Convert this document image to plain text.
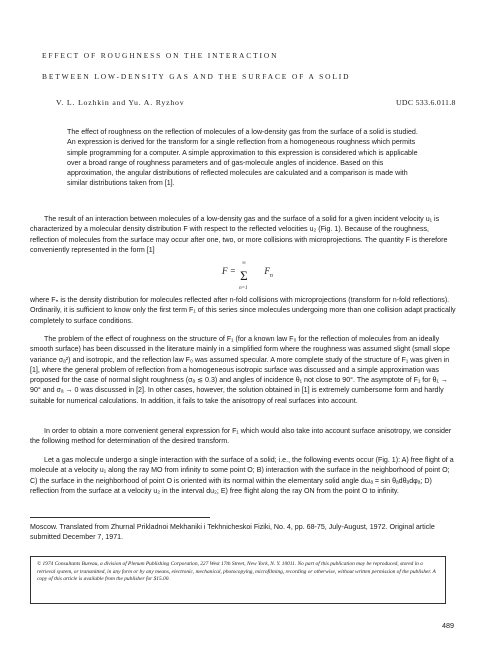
EFFECT OF ROUGHNESS ON THE INTERACTION
BETWEEN LOW-DENSITY GAS AND THE SURFACE OF A SOLID
V. L. Lozhkin and Yu. A. Ryzhov	UDC 533.6.011.8
The effect of roughness on the reflection of molecules of a low-density gas from the surface of a solid is studied. An expression is derived for the transform for a single reflection from a homogeneous roughness which permits simple programming for a computer. A simple approximation to this expression is considered which is applicable over a broad range of roughness parameters and of gas-molecule angles of incidence. Based on this approximation, the angular distributions of reflected molecules are calculated and a comparison is made with similar distributions taken from [1].
The result of an interaction between molecules of a low-density gas and the surface of a solid for a given incident velocity u₁ is characterized by a molecular density distribution F with respect to the reflected velocities u₂ (Fig. 1). Because of the roughness, reflection of molecules from the surface may occur after one, two, or more collisions with microprojections. The quantity F is therefore conveniently represented in the form [1]
F =
∞
Σ
n=1
$F_n$
where Fₙ is the density distribution for molecules reflected after n-fold collisions with microprojections (transform for n-fold reflections). Ordinarily, it is sufficient to know only the first term F₁ of this series since molecules undergoing more than one collision adapt practically completely to surface conditions.
The problem of the effect of roughness on the structure of F₁ (for a known law F₀ for the reflection of molecules from an ideally smooth surface) has been discussed in the literature mainly in a simplified form where the roughness was assumed slight (small slope variance σₐ²) and isotropic, and the reflection law F₀ was assumed specular. A more complete study of the structure of F₁ was given in [1], where the general problem of reflection from a homogeneous isotropic surface was discussed and a simple approximation was proposed for the case of normal slight roughness (σₐ ≲ 0.3) and angles of incidence θ₁ not close to 90°. The asymptote of F₁ for θ₁ → 90° and σₐ → 0 was discussed in [2]. In other cases, however, the solution obtained in [1] is extremely cumbersome form and hardly suitable for numerical calculations. In addition, it fails to take the anisotropy of real surfaces into account.
In order to obtain a more convenient general expression for F₁ which would also take into account surface anisotropy, we consider the following method for determination of the desired transform.
Let a gas molecule undergo a single interaction with the surface of a solid; i.e., the following events occur (Fig. 1): A) free flight of a molecule at a velocity u₁ along the ray MO from infinity to some point O; B) interaction with the surface in the neighborhood of point O; C) the surface in the neighborhood of point O is oriented with its normal within the elementary solid angle dωₐ = sin θₐdθₐdφₐ; D) reflection from the surface at a velocity u₂ in the interval du₂; E) free flight along the ray ON from the point O to infinity.
Moscow. Translated from Zhurnal Prikladnoi Mekhaniki i Tekhnicheskoi Fiziki, No. 4, pp. 68-75, July-August, 1972. Original article submitted December 7, 1971.
© 1974 Consultants Bureau, a division of Plenum Publishing Corporation, 227 West 17th Street, New York, N. Y. 10011. No part of this publication may be reproduced, stored in a retrieval system, or transmitted, in any form or by any means, electronic, mechanical, photocopying, microfilming, recording or otherwise, without written permission of the publisher. A copy of this article is available from the publisher for $15.00.
489
